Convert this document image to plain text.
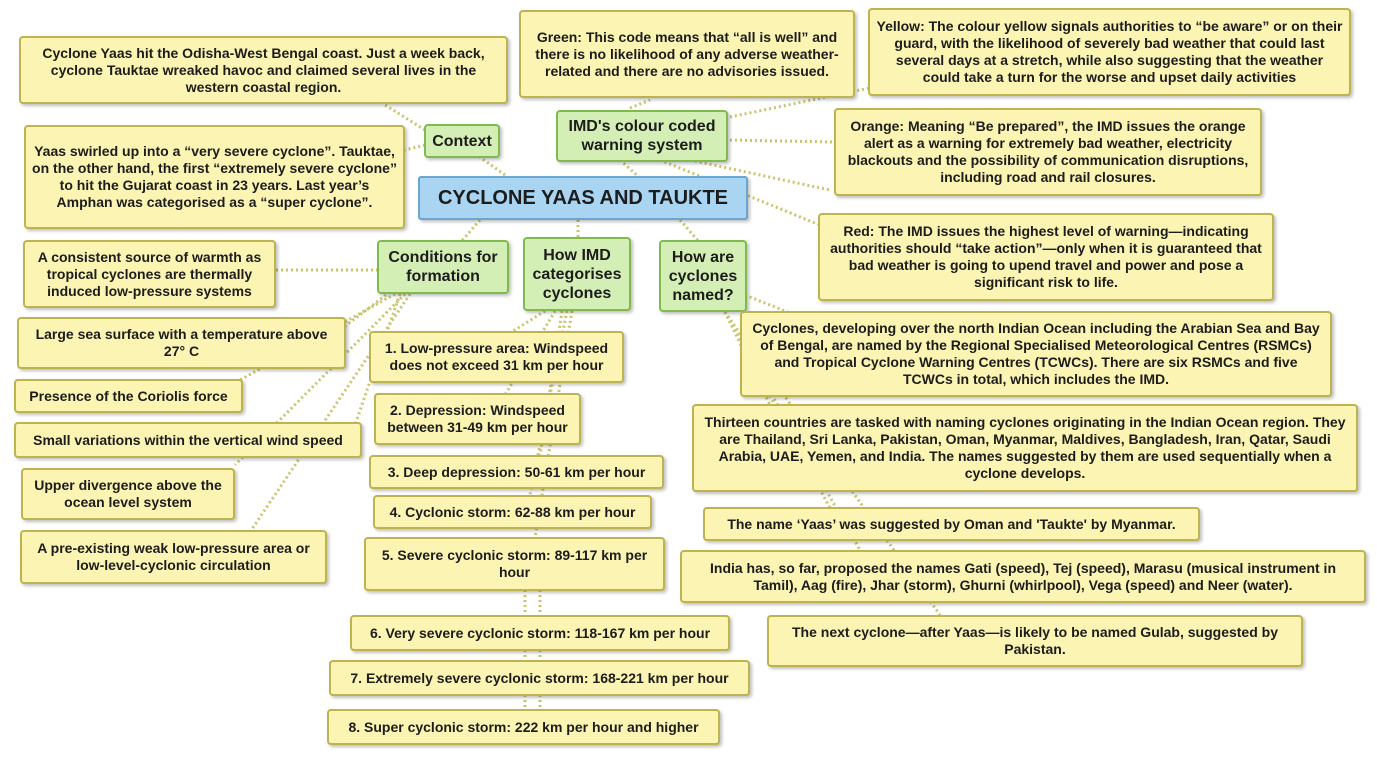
CYCLONE YAAS AND TAUKTE
Context
IMD's colour coded warning system
Conditions for formation
How IMD categorises cyclones
How are cyclones named?
Cyclone Yaas hit the Odisha-West Bengal coast. Just a week back, cyclone Tauktae wreaked havoc and claimed several lives in the western coastal region.
Yaas swirled up into a “very severe cyclone”. Tauktae, on the other hand, the first “extremely severe cyclone” to hit the Gujarat coast in 23 years. Last year’s Amphan was categorised as a “super cyclone”.
Green: This code means that “all is well” and there is no likelihood of any adverse weather-related and there are no advisories issued.
Yellow: The colour yellow signals authorities to “be aware” or on their guard, with the likelihood of severely bad weather that could last several days at a stretch, while also suggesting that the weather could take a turn for the worse and upset daily activities
Orange: Meaning “Be prepared”, the IMD issues the orange alert as a warning for extremely bad weather, electricity blackouts and the possibility of communication disruptions, including road and rail closures.
Red: The IMD issues the highest level of warning—indicating authorities should “take action”—only when it is guaranteed that bad weather is going to upend travel and power and pose a significant risk to life.
A consistent source of warmth as tropical cyclones are thermally induced low-pressure systems
Large sea surface with a temperature above 27° C
Presence of the Coriolis force
Small variations within the vertical wind speed
Upper divergence above the ocean level system
A pre-existing weak low-pressure area or low-level-cyclonic circulation
1. Low-pressure area: Windspeed does not exceed 31 km per hour
2. Depression: Windspeed between 31-49 km per hour
3. Deep depression: 50-61 km per hour
4. Cyclonic storm: 62-88 km per hour
5. Severe cyclonic storm: 89-117 km per hour
6. Very severe cyclonic storm: 118-167 km per hour
7. Extremely severe cyclonic storm: 168-221 km per hour
8. Super cyclonic storm: 222 km per hour and higher
Cyclones, developing over the north Indian Ocean including the Arabian Sea and Bay of Bengal, are named by the Regional Specialised Meteorological Centres (RSMCs) and Tropical Cyclone Warning Centres (TCWCs). There are six RSMCs and five TCWCs in total, which includes the IMD.
Thirteen countries are tasked with naming cyclones originating in the Indian Ocean region. They are Thailand, Sri Lanka, Pakistan, Oman, Myanmar, Maldives, Bangladesh, Iran, Qatar, Saudi Arabia, UAE, Yemen, and India. The names suggested by them are used sequentially when a cyclone develops.
The name ‘Yaas’ was suggested by Oman and 'Taukte' by Myanmar.
India has, so far, proposed the names Gati (speed), Tej (speed), Marasu (musical instrument in Tamil), Aag (fire), Jhar (storm), Ghurni (whirlpool), Vega (speed) and Neer (water).
The next cyclone—after Yaas—is likely to be named Gulab, suggested by Pakistan.
